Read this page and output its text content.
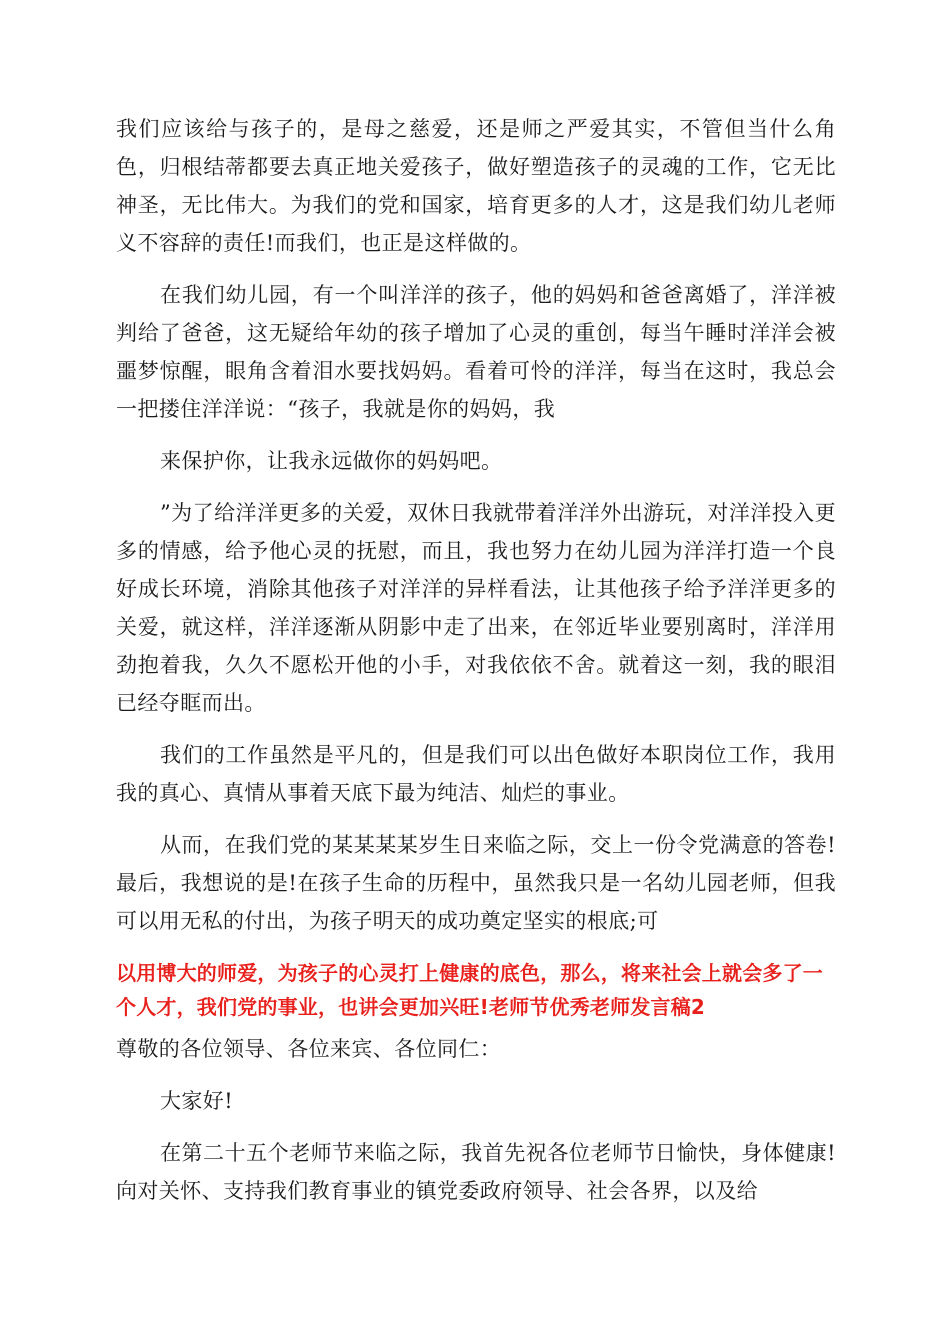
我们应该给与孩子的，是母之慈爱，还是师之严爱其实，不管但当什么角色，归根结蒂都要去真正地关爱孩子，做好塑造孩子的灵魂的工作，它无比神圣，无比伟大。为我们的党和国家，培育更多的人才，这是我们幼儿老师义不容辞的责任!而我们，也正是这样做的。

在我们幼儿园，有一个叫洋洋的孩子，他的妈妈和爸爸离婚了，洋洋被判给了爸爸，这无疑给年幼的孩子增加了心灵的重创，每当午睡时洋洋会被噩梦惊醒，眼角含着泪水要找妈妈。看着可怜的洋洋，每当在这时，我总会一把搂住洋洋说：“孩子，我就是你的妈妈，我

来保护你，让我永远做你的妈妈吧。

”为了给洋洋更多的关爱，双休日我就带着洋洋外出游玩，对洋洋投入更多的情感，给予他心灵的抚慰，而且，我也努力在幼儿园为洋洋打造一个良好成长环境，消除其他孩子对洋洋的异样看法，让其他孩子给予洋洋更多的关爱，就这样，洋洋逐渐从阴影中走了出来，在邻近毕业要别离时，洋洋用劲抱着我，久久不愿松开他的小手，对我依依不舍。就着这一刻，我的眼泪已经夺眶而出。

我们的工作虽然是平凡的，但是我们可以出色做好本职岗位工作，我用我的真心、真情从事着天底下最为纯洁、灿烂的事业。

从而，在我们党的某某某某岁生日来临之际，交上一份令党满意的答卷!最后，我想说的是!在孩子生命的历程中，虽然我只是一名幼儿园老师，但我可以用无私的付出，为孩子明天的成功奠定坚实的根底;可

以用博大的师爱，为孩子的心灵打上健康的底色，那么，将来社会上就会多了一个人才，我们党的事业，也讲会更加兴旺!老师节优秀老师发言稿2

尊敬的各位领导、各位来宾、各位同仁：

大家好!

在第二十五个老师节来临之际，我首先祝各位老师节日愉快，身体健康!向对关怀、支持我们教育事业的镇党委政府领导、社会各界，以及给
